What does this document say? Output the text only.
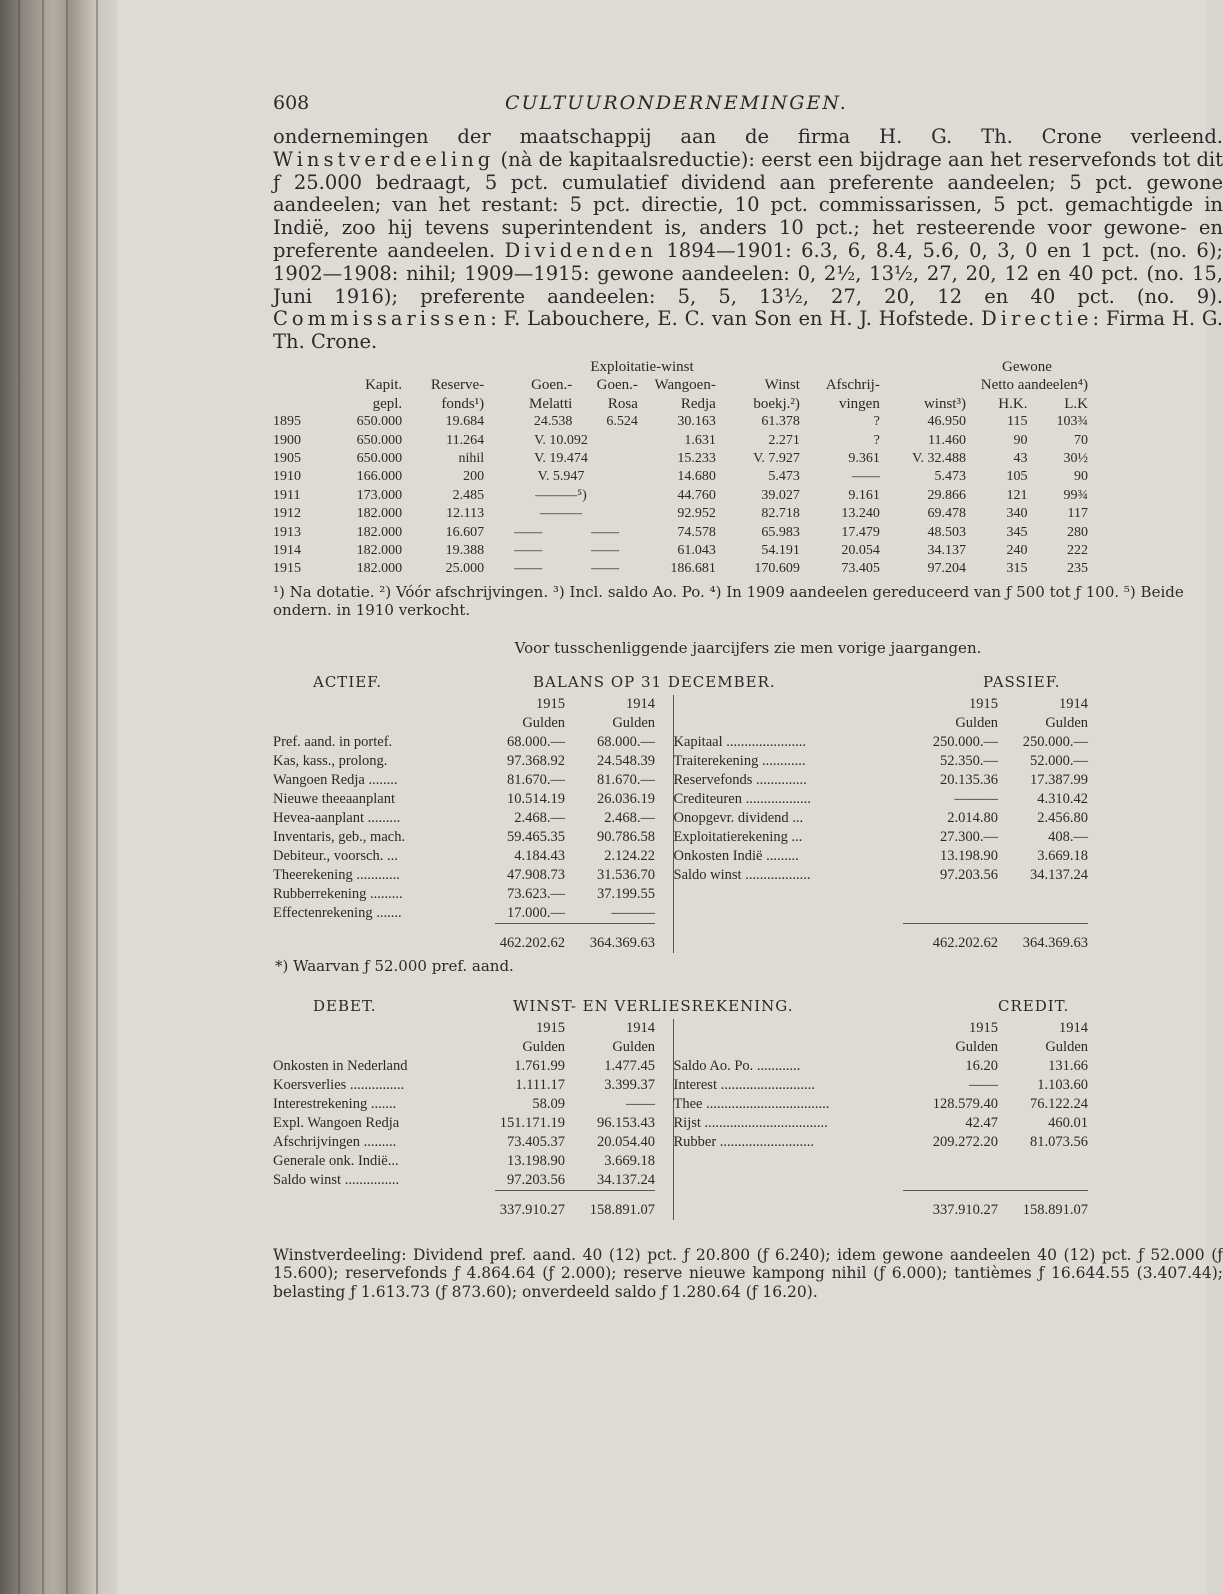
608	CULTUURONDERNEMINGEN.

ondernemingen der maatschappij aan de firma H. G. Th. Crone verleend. Winstverdeeling (nà de kapitaalsreductie): eerst een bijdrage aan het reservefonds tot dit ƒ 25.000 bedraagt, 5 pct. cumulatief dividend aan preferente aandeelen; 5 pct. gewone aandeelen; van het restant: 5 pct. directie, 10 pct. commissarissen, 5 pct. gemachtigde in Indië, zoo hij tevens superintendent is, anders 10 pct.; het resteerende voor gewone- en preferente aandeelen. Dividenden 1894—1901: 6.3, 6, 8.4, 5.6, 0, 3, 0 en 1 pct. (no. 6); 1902—1908: nihil; 1909—1915: gewone aandeelen: 0, 2½, 13½, 27, 20, 12 en 40 pct. (no. 15, Juni 1916); preferente aandeelen: 5, 5, 13½, 27, 20, 12 en 40 pct. (no. 9). Commissarissen: F. Labouchere, E. C. van Son en H. J. Hofstede. Directie: Firma H. G. Th. Crone.

			Exploitatie-winst						Gewone	
	Kapit.	Reserve-	Goen.-	Goen.-	Wangoen-	Winst	Afschrij-	Netto aandeelen⁴)		
	gepl.	fonds¹)	Melatti	Rosa	Redja	boekj.²)	vingen	winst³)	H.K.	L.K
1895	650.000	19.684	24.538	6.524	30.163	61.378	?	46.950	115	103¾
1900	650.000	11.264	V. 10.092		1.631	2.271	?	11.460	90	70
1905	650.000	nihil	V. 19.474		15.233	V. 7.927	9.361	V. 32.488	43	30½
1910	166.000	200	V. 5.947		14.680	5.473	——	5.473	105	90
1911	173.000	2.485	———⁵)		44.760	39.027	9.161	29.866	121	99¾
1912	182.000	12.113	———		92.952	82.718	13.240	69.478	340	117
1913	182.000	16.607	——	——	74.578	65.983	17.479	48.503	345	280
1914	182.000	19.388	——	——	61.043	54.191	20.054	34.137	240	222
1915	182.000	25.000	——	——	186.681	170.609	73.405	97.204	315	235
¹) Na dotatie. ²) Vóór afschrijvingen. ³) Incl. saldo Ao. Po. ⁴) In 1909 aandeelen gereduceerd van ƒ 500 tot ƒ 100. ⁵) Beide ondern. in 1910 verkocht.

Voor tusschenliggende jaarcijfers zie men vorige jaargangen.

ACTIEF.	BALANS OP 31 DECEMBER.	PASSIEF.
	1915	1914			1915	1914
	Gulden	Gulden			Gulden	Gulden
Pref. aand. in portef.	68.000.—	68.000.—		Kapitaal ......................	250.000.—	250.000.—
Kas, kass., prolong.	97.368.92	24.548.39		Traiterekening ............	52.350.—	52.000.—
Wangoen Redja ........	81.670.—	81.670.—		Reservefonds ..............	20.135.36	17.387.99
Nieuwe theeaanplant	10.514.19	26.036.19		Crediteuren ..................	———	4.310.42
Hevea-aanplant .........	2.468.—	2.468.—		Onopgevr. dividend ...	2.014.80	2.456.80
Inventaris, geb., mach.	59.465.35	90.786.58		Exploitatierekening ...	27.300.—	408.—
Debiteur., voorsch. ...	4.184.43	2.124.22		Onkosten Indië .........	13.198.90	3.669.18
Theerekening ............	47.908.73	31.536.70		Saldo winst ..................	97.203.56	34.137.24
Rubberrekening .........	73.623.—	37.199.55				
Effectenrekening .......	17.000.—	———				
	462.202.62	364.369.63			462.202.62	364.369.63
*) Waarvan ƒ 52.000 pref. aand.
DEBET.	WINST- EN VERLIESREKENING.	CREDIT.
	1915	1914			1915	1914
	Gulden	Gulden			Gulden	Gulden
Onkosten in Nederland	1.761.99	1.477.45		Saldo Ao. Po. ............	16.20	131.66
Koersverlies ...............	1.111.17	3.399.37		Interest ..........................	——	1.103.60
Interestrekening .......	58.09	——		Thee ..................................	128.579.40	76.122.24
Expl. Wangoen Redja	151.171.19	96.153.43		Rijst ..................................	42.47	460.01
Afschrijvingen .........	73.405.37	20.054.40		Rubber ..........................	209.272.20	81.073.56
Generale onk. Indië...	13.198.90	3.669.18				
Saldo winst ...............	97.203.56	34.137.24				
	337.910.27	158.891.07			337.910.27	158.891.07
Winstverdeeling: Dividend pref. aand. 40 (12) pct. ƒ 20.800 (ƒ 6.240); idem gewone aandeelen 40 (12) pct. ƒ 52.000 (ƒ 15.600); reservefonds ƒ 4.864.64 (ƒ 2.000); reserve nieuwe kampong nihil (ƒ 6.000); tantièmes ƒ 16.644.55 (3.407.44); belasting ƒ 1.613.73 (ƒ 873.60); onverdeeld saldo ƒ 1.280.64 (ƒ 16.20).
